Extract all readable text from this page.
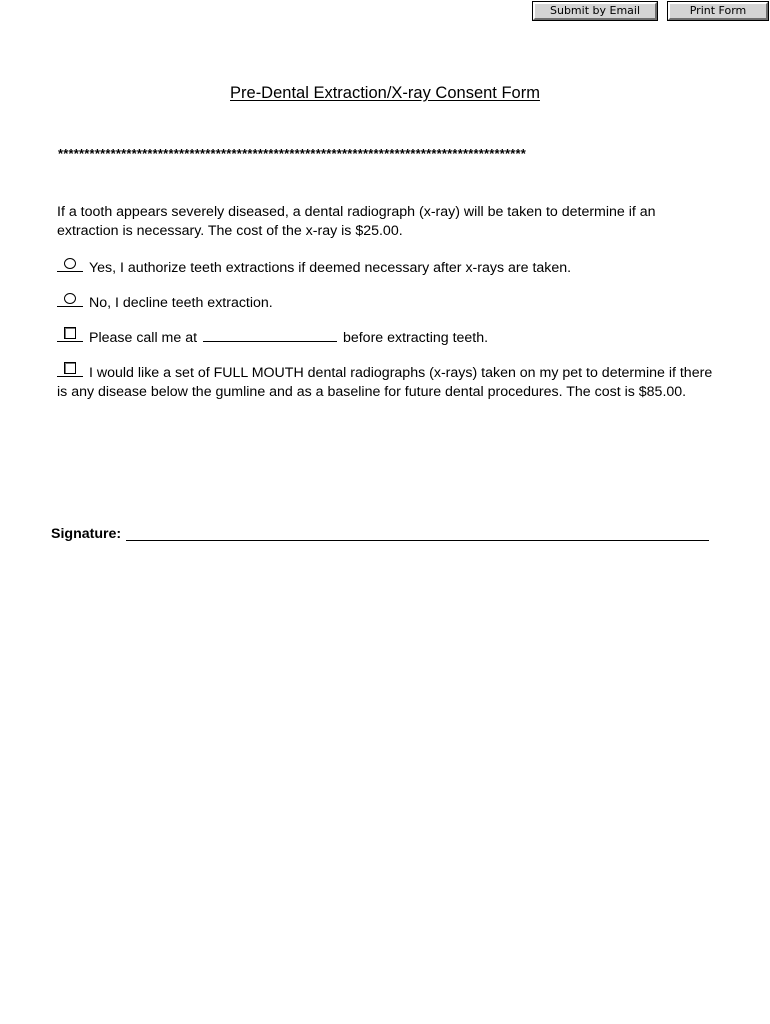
Submit by Email	Print Form
Pre-Dental Extraction/X-ray Consent Form
*****************************************************************************************
If a tooth appears severely diseased, a dental radiograph (x-ray) will be taken to determine if an extraction is necessary. The cost of the x-ray is $25.00.
Yes, I authorize teeth extractions if deemed necessary after x-rays are taken.
No, I decline teeth extraction.
Please call me at	before extracting teeth.
I would like a set of FULL MOUTH dental radiographs (x-rays) taken on my pet to determine if there is any disease below the gumline and as a baseline for future dental procedures. The cost is $85.00.
Signature:
